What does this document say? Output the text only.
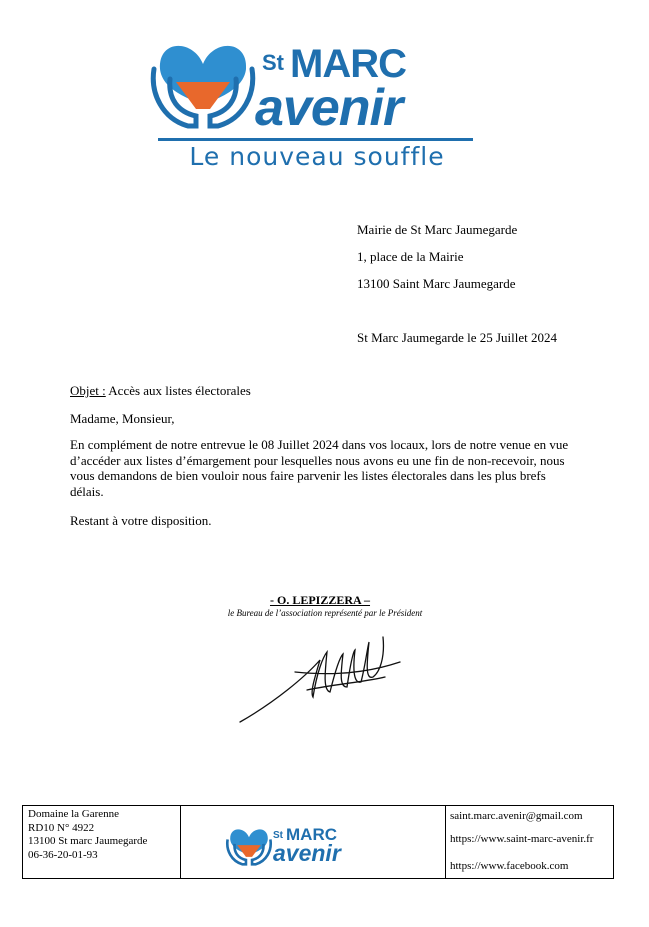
St MARC
avenir
Le nouveau souffle
Mairie de St Marc Jaumegarde
1, place de la Mairie
13100 Saint Marc Jaumegarde
St Marc Jaumegarde le 25 Juillet 2024
Objet : Accès aux listes électorales
Madame, Monsieur,
En complément de notre entrevue le 08 Juillet 2024 dans vos locaux, lors de notre venue en vue d’accéder aux listes d’émargement pour lesquelles nous avons eu une fin de non-recevoir, nous vous demandons de bien vouloir nous faire parvenir les listes électorales dans les plus brefs délais.
Restant à votre disposition.
- O. LEPIZZERA –
le Bureau de l’association représenté par le Président
Domaine la Garenne
RD10 N° 4922
13100 St marc Jaumegarde
06-36-20-01-93
St MARC
avenir
saint.marc.avenir@gmail.com
https://www.saint-marc-avenir.fr
https://www.facebook.com
